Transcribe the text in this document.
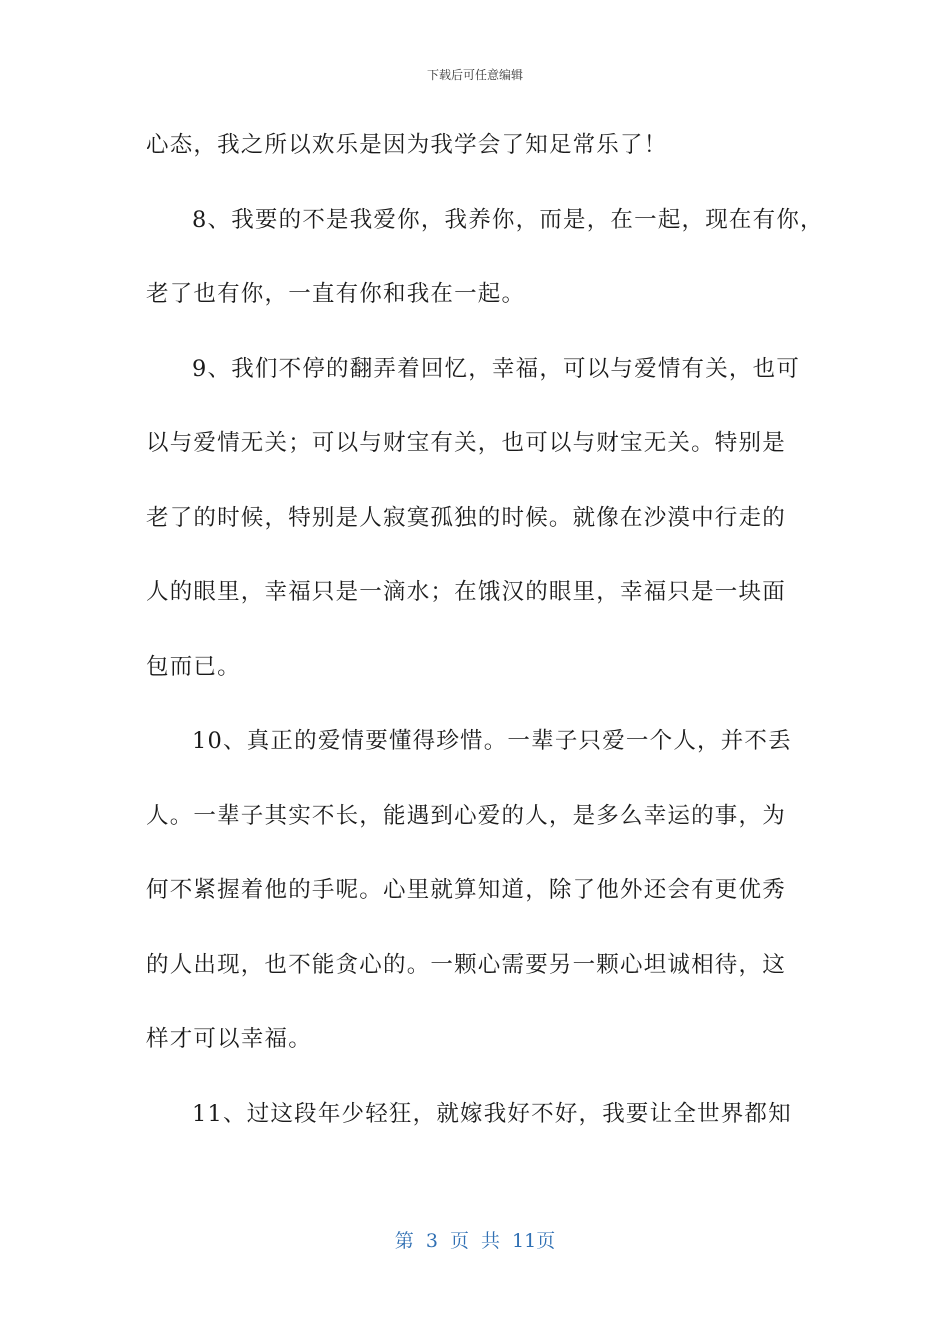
下载后可任意编辑
心态，我之所以欢乐是因为我学会了知足常乐了！
8、我要的不是我爱你，我养你，而是，在一起，现在有你，
老了也有你，一直有你和我在一起。
9、我们不停的翻弄着回忆，幸福，可以与爱情有关，也可
以与爱情无关；可以与财宝有关，也可以与财宝无关。特别是
老了的时候，特别是人寂寞孤独的时候。就像在沙漠中行走的
人的眼里，幸福只是一滴水；在饿汉的眼里，幸福只是一块面
包而已。
10、真正的爱情要懂得珍惜。一辈子只爱一个人，并不丢
人。一辈子其实不长，能遇到心爱的人，是多么幸运的事，为
何不紧握着他的手呢。心里就算知道，除了他外还会有更优秀
的人出现，也不能贪心的。一颗心需要另一颗心坦诚相待，这
样才可以幸福。
11、过这段年少轻狂，就嫁我好不好，我要让全世界都知
第 3 页 共 11页
